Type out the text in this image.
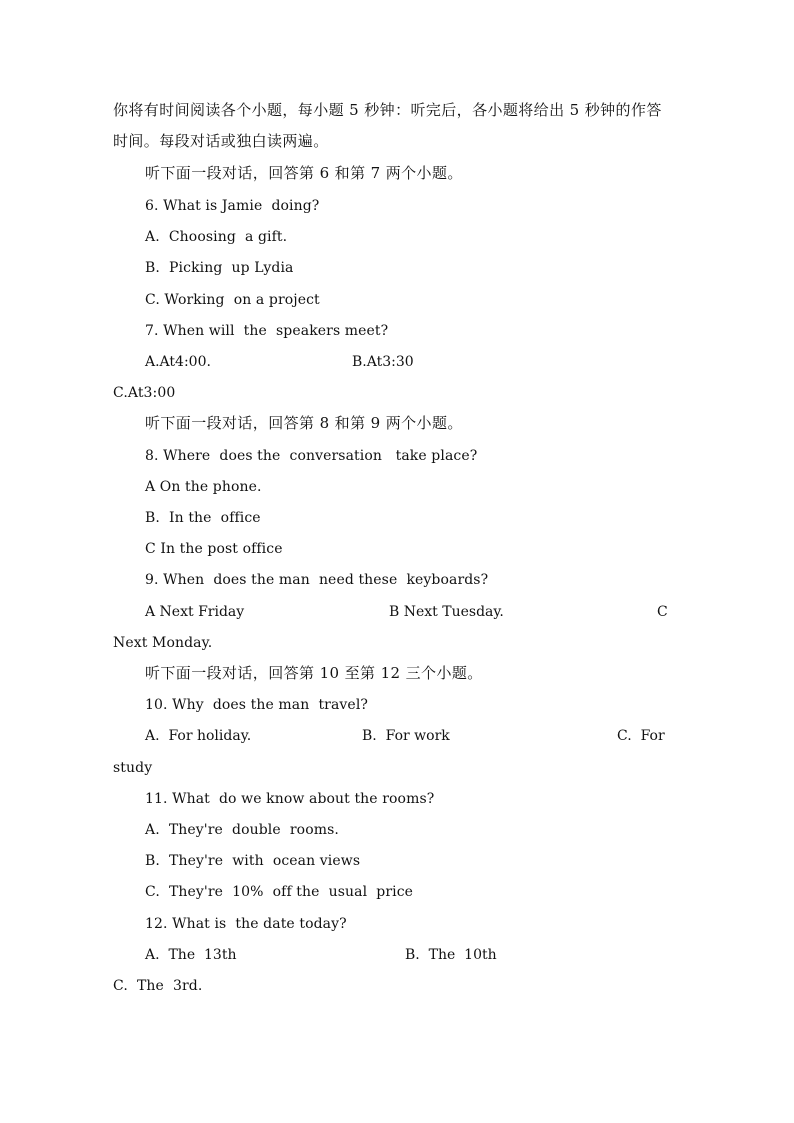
你将有时间阅读各个小题，每小题 5 秒钟：听完后，各小题将给出 5 秒钟的作答
时间。每段对话或独白读两遍。
听下面一段对话，回答第 6 和第 7 两个小题。
6. What is Jamie  doing?
A.  Choosing  a gift.
B.  Picking  up Lydia
C. Working  on a project
7. When will  the  speakers meet?
A.At4:00.	B.At3:30
C.At3:00
听下面一段对话，回答第 8 和第 9 两个小题。
8. Where  does the  conversation   take place?
A On the phone.
B.  In the  office
C In the post office
9. When  does the man  need these  keyboards?
A Next Friday	B Next Tuesday.	C
Next Monday.
听下面一段对话，回答第 10 至第 12 三个小题。
10. Why  does the man  travel?
A.  For holiday.	B.  For work	C.  For
study
11. What  do we know about the rooms?
A.  They're  double  rooms.
B.  They're  with  ocean views
C.  They're  10%  off the  usual  price
12. What is  the date today?
A.  The  13th	B.  The  10th
C.  The  3rd.
